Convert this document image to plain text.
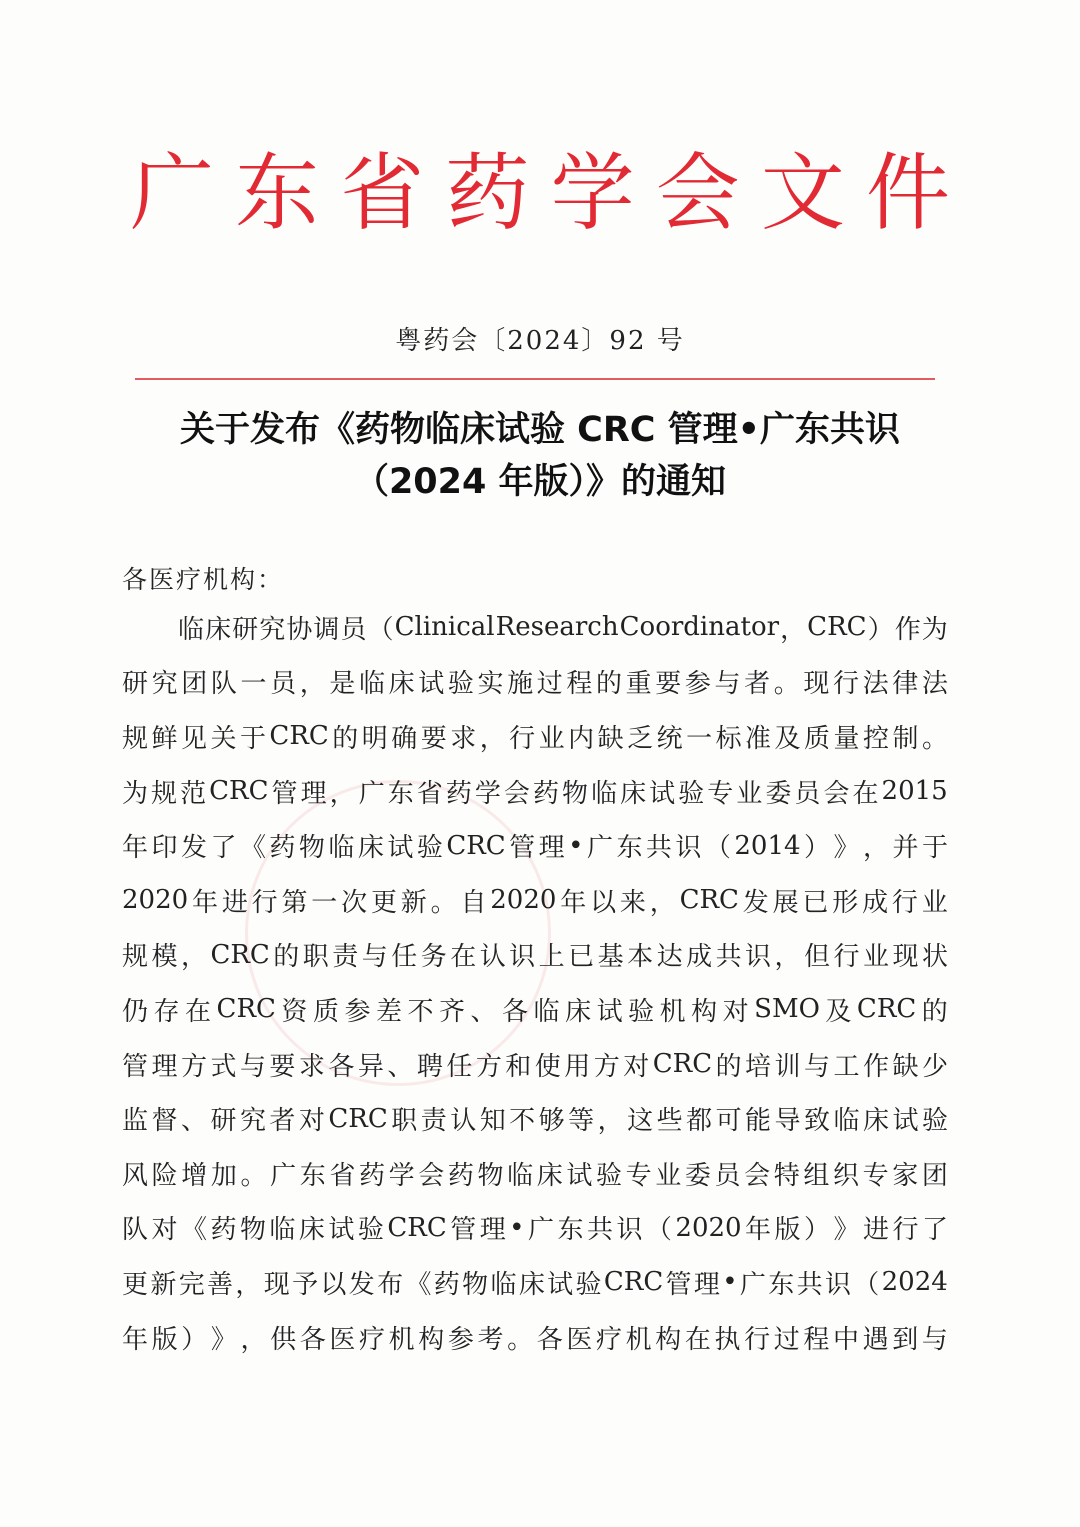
广 东 省 药 学 会 文 件
粤药会〔2024〕92 号
关于发布《药物临床试验 CRC 管理•广东共识
（2024 年版）》的通知
各医疗机构：
临 床 研 究 协 调 员 （ Clinical Research Coordinator ， CRC ） 作 为
研 究 团 队 一 员 ， 是 临 床 试 验 实 施 过 程 的 重 要 参 与 者 。 现 行 法 律 法
规 鲜 见 关 于 CRC 的 明 确 要 求 ， 行 业 内 缺 乏 统 一 标 准 及 质 量 控 制 。
为 规 范 CRC 管 理 ， 广 东 省 药 学 会 药 物 临 床 试 验 专 业 委 员 会 在 2015
年 印 发 了 《 药 物 临 床 试 验 CRC 管 理 • 广 东 共 识 （ 2014 ） 》 ， 并 于
2020 年 进 行 第 一 次 更 新 。 自 2020 年 以 来 ， CRC 发 展 已 形 成 行 业
规 模 ， CRC 的 职 责 与 任 务 在 认 识 上 已 基 本 达 成 共 识 ， 但 行 业 现 状
仍 存 在 CRC 资 质 参 差 不 齐 、 各 临 床 试 验 机 构 对 SMO 及 CRC 的
管 理 方 式 与 要 求 各 异 、 聘 任 方 和 使 用 方 对 CRC 的 培 训 与 工 作 缺 少
监 督 、 研 究 者 对 CRC 职 责 认 知 不 够 等 ， 这 些 都 可 能 导 致 临 床 试 验
风 险 增 加 。 广 东 省 药 学 会 药 物 临 床 试 验 专 业 委 员 会 特 组 织 专 家 团
队 对 《 药 物 临 床 试 验 CRC 管 理 • 广 东 共 识 （ 2020 年 版 ） 》 进 行 了
更 新 完 善 ， 现 予 以 发 布 《 药 物 临 床 试 验 CRC 管 理 • 广 东 共 识 （ 2024
年 版 ） 》 ， 供 各 医 疗 机 构 参 考 。 各 医 疗 机 构 在 执 行 过 程 中 遇 到 与
